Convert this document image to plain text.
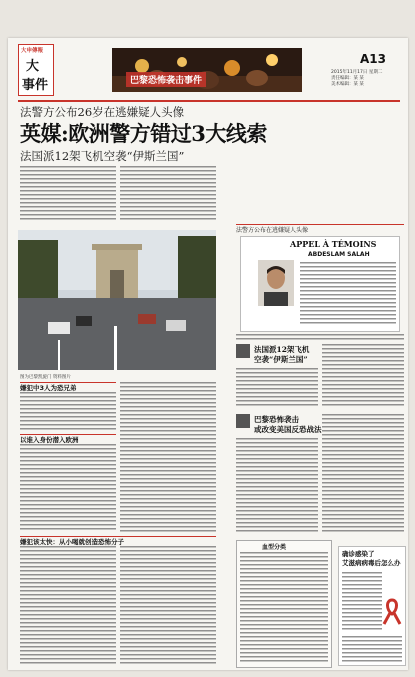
大申傳報
大
事件	巴黎恐怖袭击事件
A13
2015年11月17日 星期二
责任编辑：某 某
美术编辑：某 某
法警方公布26岁在逃嫌疑人头像
英媒:欧洲警方错过3大线索
法国派12架飞机空袭“伊斯兰国”
图为巴黎凯旋门 资料图片
嫌犯中3人为恐兄弟
以谁入身份潜入欧洲
嫌犯该太快：从小喝就创造恐怖分子
法警方公布在逃嫌疑人头像
APPEL À TÉMOINS
ABDESLAM SALAH
法国派12架飞机
空袭“伊斯兰国”
巴黎恐怖袭击
或改变美国反恐战法
血型分类
确诊感染了
艾滋病病毒后怎么办
